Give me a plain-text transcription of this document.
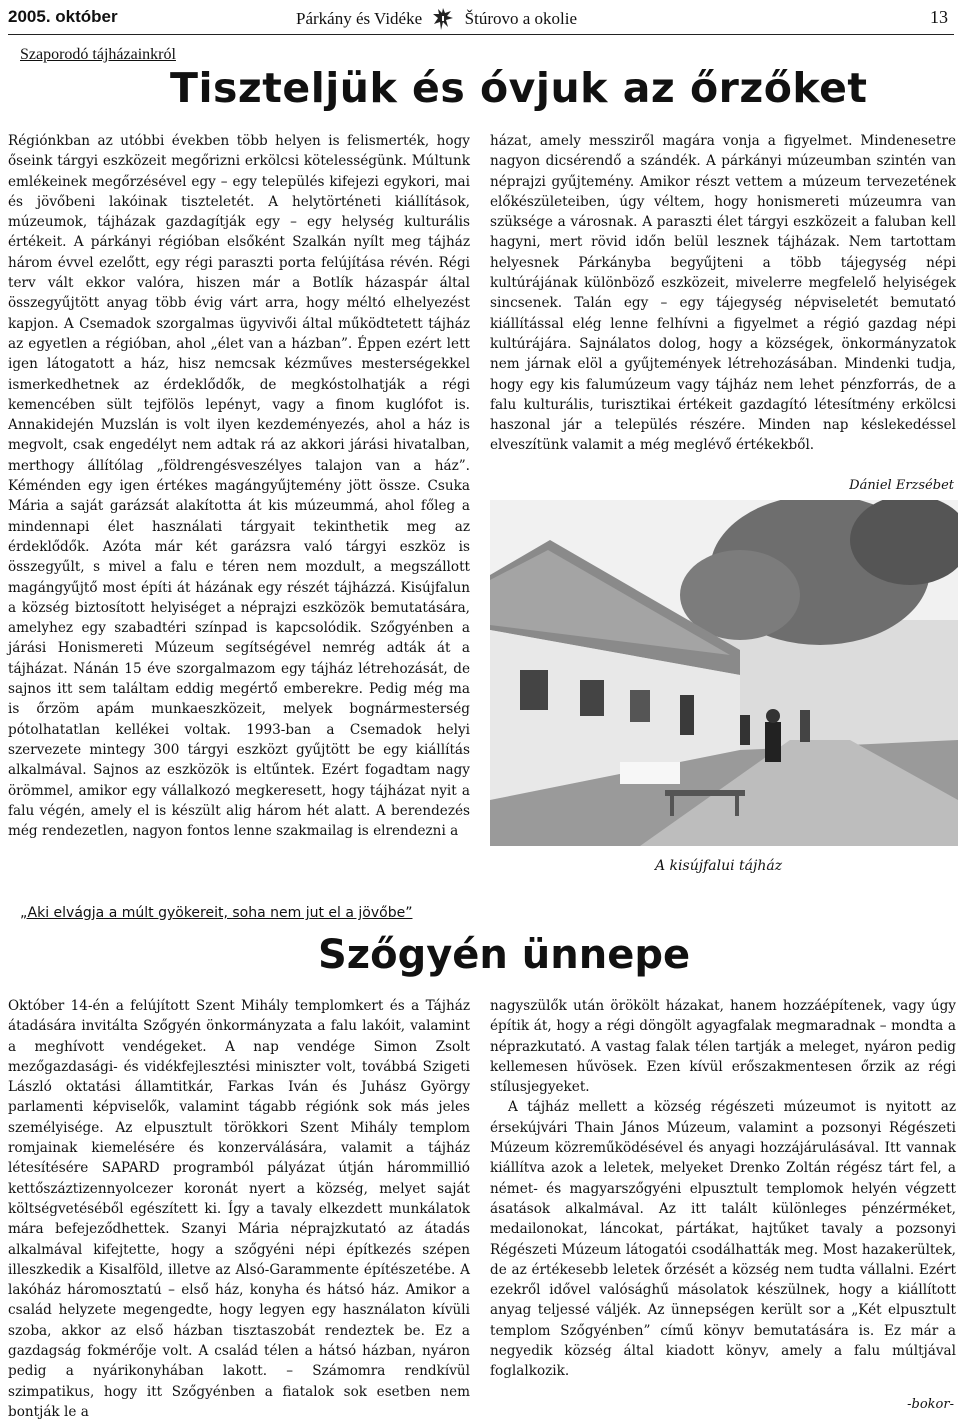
2005. október	Párkány és Vidéke	Štúrovo a okolie	13
Szaporodó tájházainkról
Tiszteljük és óvjuk az őrzőket

Régiónkban az utóbbi években több helyen is felismerték, hogy őseink tárgyi eszközeit megőrizni erkölcsi kötelességünk. Múltunk emlékeinek megőrzésével egy – egy település kifejezi egykori, mai és jövőbeni lakóinak tiszteletét. A helytörténeti kiállítások, múzeumok, tájházak gazdagítják egy – egy helység kulturális értékeit. A párkányi régióban elsőként Szalkán nyílt meg tájház három évvel ezelőtt, egy régi paraszti porta felújítása révén. Régi terv vált ekkor valóra, hiszen már a Botlík házaspár által összegyűjtött anyag több évig várt arra, hogy méltó elhelyezést kapjon. A Csemadok szorgalmas ügyvivői által működtetett tájház az egyetlen a régióban, ahol „élet van a házban”. Éppen ezért lett igen látogatott a ház, hisz nemcsak kézműves mesterségekkel ismerkedhetnek az érdeklődők, de megkóstolhatják a régi kemencében sült tejfölös lepényt, vagy a finom kuglófot is. Annakidején Muzslán is volt ilyen kezdeményezés, ahol a ház is megvolt, csak engedélyt nem adtak rá az akkori járási hivatalban, merthogy állítólag „földrengésveszélyes talajon van a ház”. Kéménden egy igen értékes magángyűjtemény jött össze. Csuka Mária a saját garázsát alakította át kis múzeummá, ahol főleg a mindennapi élet használati tárgyait tekinthetik meg az érdeklődők. Azóta már két garázsra való tárgyi eszköz is összegyűlt, s mivel a falu e téren nem mozdult, a megszállott magángyűjtő most építi át házának egy részét tájházzá. Kisújfalun a község biztosított helyiséget a néprajzi eszközök bemutatására, amelyhez egy szabadtéri színpad is kapcsolódik. Szőgyénben a járási Honismereti Múzeum segítségével nemrég adták át a tájházat. Nánán 15 éve szorgalmazom egy tájház létrehozását, de sajnos itt sem találtam eddig megértő emberekre. Pedig még ma is őrzöm apám munkaeszközeit, melyek bognármesterség pótolhatatlan kellékei voltak. 1993-ban a Csemadok helyi szervezete mintegy 300 tárgyi eszközt gyűjtött be egy kiállítás alkalmával. Sajnos az eszközök is eltűntek. Ezért fogadtam nagy örömmel, amikor egy vállalkozó megkeresett, hogy tájházat nyit a falu végén, amely el is készült alig három hét alatt. A berendezés még rendezetlen, nagyon fontos lenne szakmailag is elrendezni a

házat, amely messziről magára vonja a figyelmet. Mindenesetre nagyon dicsérendő a szándék. A párkányi múzeumban szintén van néprajzi gyűjtemény. Amikor részt vettem a múzeum tervezetének előkészületeiben, úgy véltem, hogy honismereti múzeumra van szüksége a városnak. A paraszti élet tárgyi eszközeit a faluban kell hagyni, mert rövid időn belül lesznek tájházak. Nem tartottam helyesnek Párkányba begyűjteni a több tájegység népi kultúrájának különböző eszközeit, mivelerre megfelelő helyiségek sincsenek. Talán egy – egy tájegység népviseletét bemutató kiállítással elég lenne felhívni a figyelmet a régió gazdag népi kultúrájára. Sajnálatos dolog, hogy a községek, önkormányzatok nem járnak elöl a gyűjtemények létrehozásában. Mindenki tudja, hogy egy kis falumúzeum vagy tájház nem lehet pénzforrás, de a falu kulturális, turisztikai értékeit gazdagító létesítmény erkölcsi haszonal jár a település részére. Minden nap késlekedéssel elveszítünk valamit a még meglévő értékekből.

Dániel Erzsébet
A kisújfalui tájház
„Aki elvágja a múlt gyökereit, soha nem jut el a jövőbe”
Szőgyén ünnepe

Október 14-én a felújított Szent Mihály templomkert és a Tájház átadására invitálta Szőgyén önkormányzata a falu lakóit, valamint a meghívott vendégeket. A nap vendége Simon Zsolt mezőgazdasági- és vidékfejlesztési miniszter volt, továbbá Szigeti László oktatási államtitkár, Farkas Iván és Juhász György parlamenti képviselők, valamint tágabb régiónk sok más jeles személyisége. Az elpusztult törökkori Szent Mihály templom romjainak kiemelésére és konzerválására, valamit a tájház létesítésére SAPARD programból pályázat útján hárommillió kettőszáztizennyolcezer koronát nyert a község, melyet saját költségvetéséből egészített ki. Így a tavaly elkezdett munkálatok mára befejeződhettek. Szanyi Mária néprajzkutató az átadás alkalmával kifejtette, hogy a szőgyéni népi építkezés szépen illeszkedik a Kisalföld, illetve az Alsó-Garammente építészetébe. A lakóház háromosztatú – első ház, konyha és hátsó ház. Amikor a család helyzete megengedte, hogy legyen egy használaton kívüli szoba, akkor az első házban tisztaszobát rendeztek be. Ez a gazdagság fokmérője volt. A család télen a hátsó házban, nyáron pedig a nyárikonyhában lakott. – Számomra rendkívül szimpatikus, hogy itt Szőgyénben a fiatalok sok esetben nem bontják le a

nagyszülők után örökölt házakat, hanem hozzáépítenek, vagy úgy építik át, hogy a régi döngölt agyagfalak megmaradnak – mondta a néprazkutató. A vastag falak télen tartják a meleget, nyáron pedig kellemesen hűvösek. Ezen kívül erőszakmentesen őrzik az régi stílusjegyeket.

A tájház mellett a község régészeti múzeumot is nyitott az érsekújvári Thain János Múzeum, valamint a pozsonyi Régészeti Múzeum közreműködésével és anyagi hozzájárulásával. Itt vannak kiállítva azok a leletek, melyeket Drenko Zoltán régész tárt fel, a német- és magyarszőgyéni elpusztult templomok helyén végzett ásatások alkalmával. Az itt talált különleges pénzérméket, medailonokat, láncokat, pártákat, hajtűket tavaly a pozsonyi Régészeti Múzeum látogatói csodálhatták meg. Most hazakerültek, de az értékesebb leletek őrzését a község nem tudta vállalni. Ezért ezekről idővel valósághű másolatok készülnek, hogy a kiállított anyag teljessé váljék. Az ünnepségen került sor a „Két elpusztult templom Szőgyénben” című könyv bemutatására is. Ez már a negyedik község által kiadott könyv, amely a falu múltjával foglalkozik.

-bokor-
